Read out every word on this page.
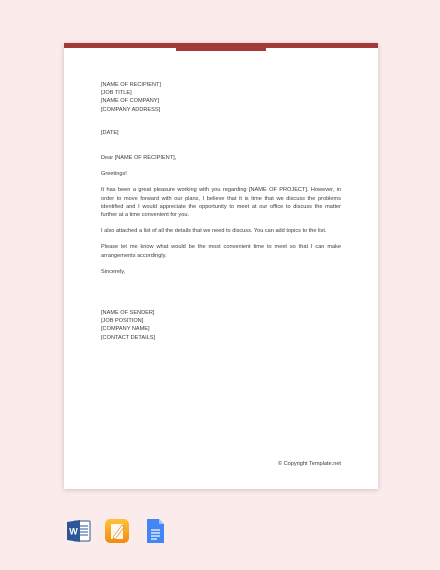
[NAME OF RECIPIENT]

[JOB TITLE]

[NAME OF COMPANY]

[COMPANY ADDRESS]

[DATE]

Dear [NAME OF RECIPIENT],

Greetings!

It has been a great pleasure working with you regarding [NAME OF PROJECT]. However, in order to move forward with our plans, I believe that it is time that we discuss the problems identified and I would appreciate the opportunity to meet at our office to discuss the matter further at a time convenient for you.

I also attached a list of all the details that we need to discuss. You can add topics to the list.

Please let me know what would be the most convenient time to meet so that I can make arrangements accordingly.

Sincerely,

[NAME OF SENDER]

[JOB POSITION]

[COMPANY NAME]

[CONTACT DETAILS]

© Copyright Template.net
W
